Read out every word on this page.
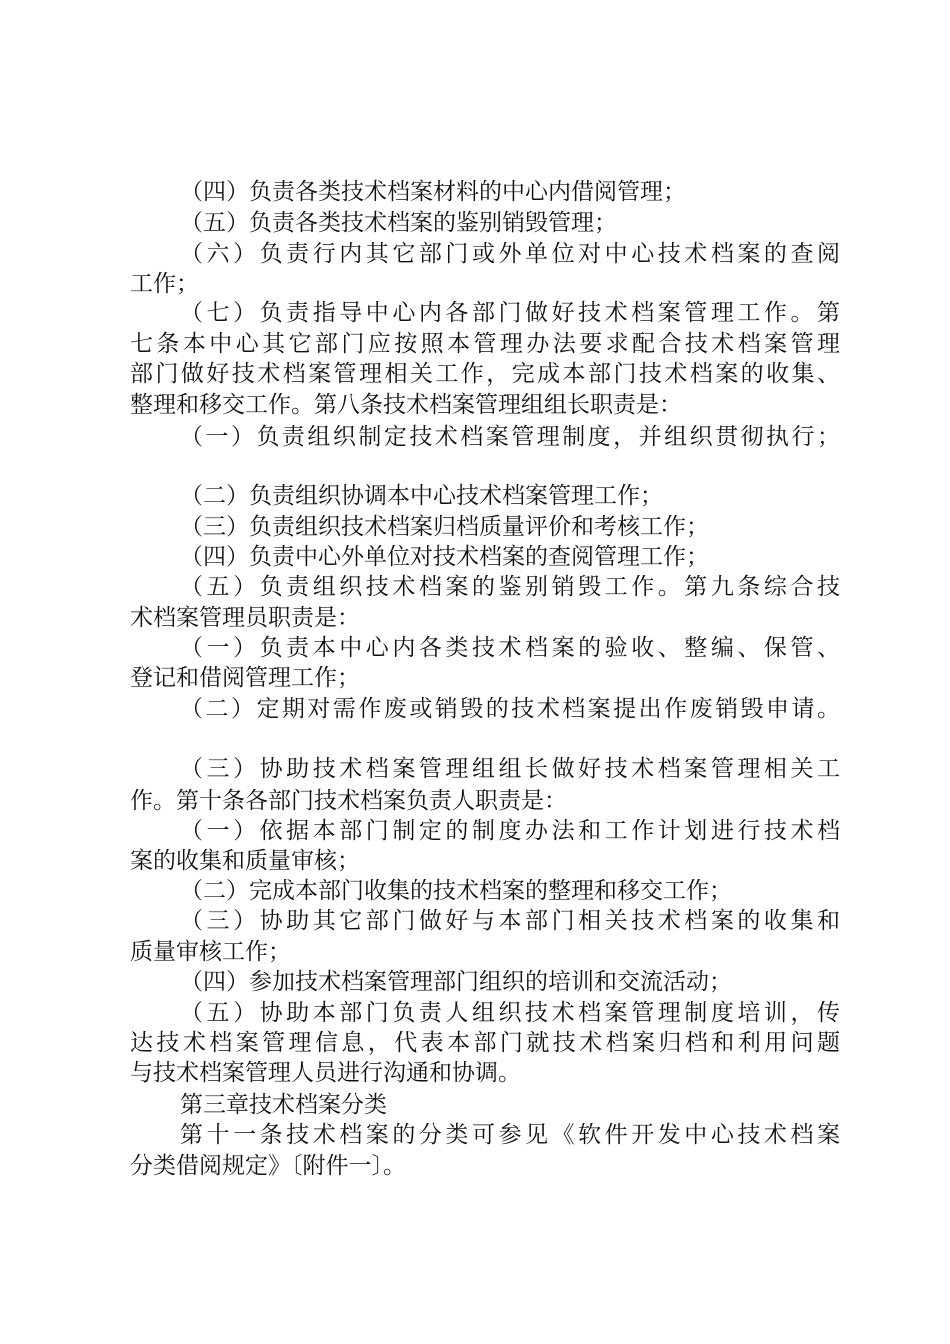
（四）负责各类技术档案材料的中心内借阅管理；
（五）负责各类技术档案的鉴别销毁管理；
（六）负责行内其它部门或外单位对中心技术档案的查阅
工作；
（七）负责指导中心内各部门做好技术档案管理工作。第
七条本中心其它部门应按照本管理办法要求配合技术档案管理
部门做好技术档案管理相关工作，完成本部门技术档案的收集、
整理和移交工作。第八条技术档案管理组组长职责是：
（一）负责组织制定技术档案管理制度，并组织贯彻执行；
（二）负责组织协调本中心技术档案管理工作；
（三）负责组织技术档案归档质量评价和考核工作；
（四）负责中心外单位对技术档案的查阅管理工作；
（五）负责组织技术档案的鉴别销毁工作。第九条综合技
术档案管理员职责是：
（一）负责本中心内各类技术档案的验收、整编、保管、
登记和借阅管理工作；
（二）定期对需作废或销毁的技术档案提出作废销毁申请。
（三）协助技术档案管理组组长做好技术档案管理相关工
作。第十条各部门技术档案负责人职责是：
（一）依据本部门制定的制度办法和工作计划进行技术档
案的收集和质量审核；
（二）完成本部门收集的技术档案的整理和移交工作；
（三）协助其它部门做好与本部门相关技术档案的收集和
质量审核工作；
（四）参加技术档案管理部门组织的培训和交流活动；
（五）协助本部门负责人组织技术档案管理制度培训，传
达技术档案管理信息，代表本部门就技术档案归档和利用问题
与技术档案管理人员进行沟通和协调。
第三章技术档案分类
第十一条技术档案的分类可参见《软件开发中心技术档案
分类借阅规定》〔附件一〕。
